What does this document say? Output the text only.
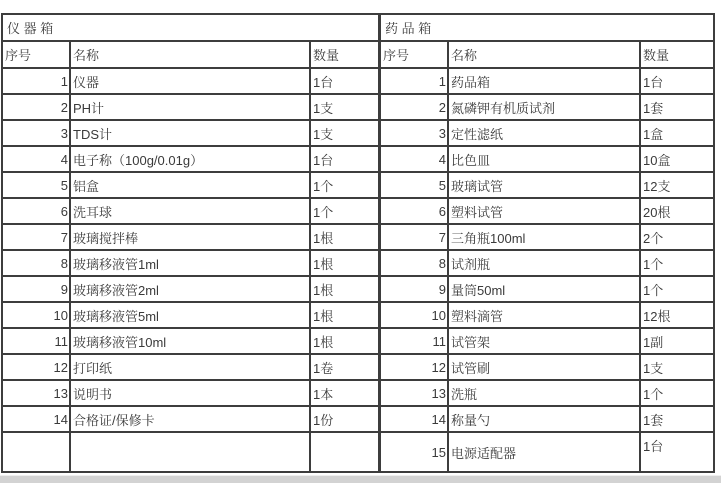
仪 器 箱		
序号	名称	数量
1	仪器	1台
2	PH计	1支
3	TDS计	1支
4	电子称（100g/0.01g）	1台
5	铝盒	1个
6	洗耳球	1个
7	玻璃搅拌棒	1根
8	玻璃移液管1ml	1根
9	玻璃移液管2ml	1根
10	玻璃移液管5ml	1根
11	玻璃移液管10ml	1根
12	打印纸	1卷
13	说明书	1本
14	合格证/保修卡	1份

药 品 箱		
序号	名称	数量
1	药品箱	1台
2	氮磷钾有机质试剂	1套
3	定性滤纸	1盒
4	比色皿	10盒
5	玻璃试管	12支
6	塑料试管	20根
7	三角瓶100ml	2个
8	试剂瓶	1个
9	量筒50ml	1个
10	塑料滴管	12根
11	试管架	1副
12	试管刷	1支
13	洗瓶	1个
14	称量勺	1套
15	电源适配器	1台
